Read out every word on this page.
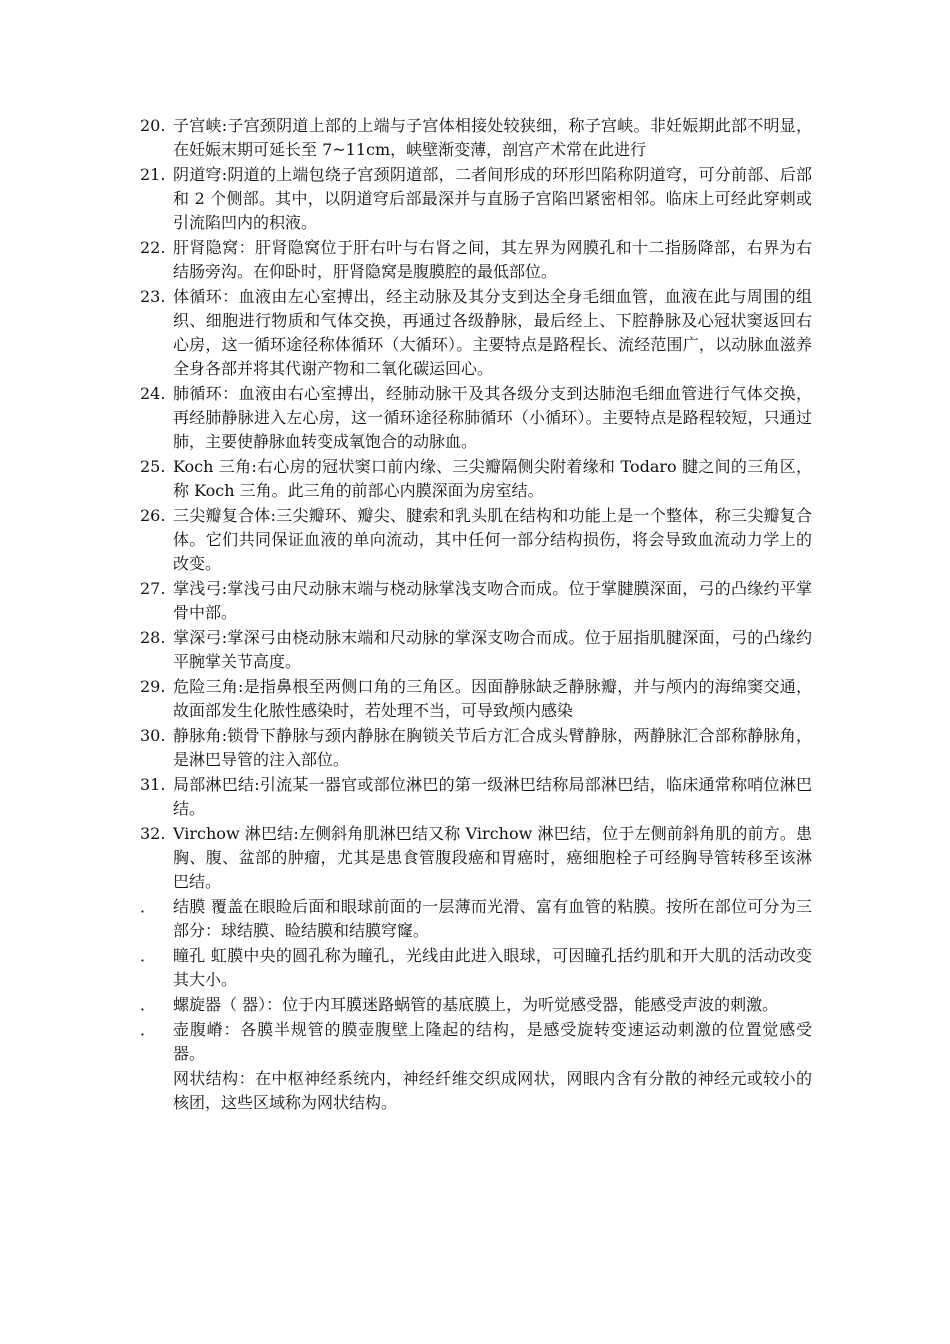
20. 子宫峡:子宫颈阴道上部的上端与子宫体相接处较狭细，称子宫峡。非妊娠期此部不明显，在妊娠末期可延长至 7~11cm，峡壁渐变薄，剖宫产术常在此进行
21. 阴道穹:阴道的上端包绕子宫颈阴道部，二者间形成的环形凹陷称阴道穹，可分前部、后部和 2 个侧部。其中，以阴道穹后部最深并与直肠子宫陷凹紧密相邻。临床上可经此穿刺或引流陷凹内的积液。
22. 肝肾隐窝：肝肾隐窝位于肝右叶与右肾之间，其左界为网膜孔和十二指肠降部，右界为右结肠旁沟。在仰卧时，肝肾隐窝是腹膜腔的最低部位。
23. 体循环：血液由左心室搏出，经主动脉及其分支到达全身毛细血管，血液在此与周围的组织、细胞进行物质和气体交换，再通过各级静脉，最后经上、下腔静脉及心冠状窦返回右心房，这一循环途径称体循环（大循环）。主要特点是路程长、流经范围广，以动脉血滋养全身各部并将其代谢产物和二氧化碳运回心。
24. 肺循环：血液由右心室搏出，经肺动脉干及其各级分支到达肺泡毛细血管进行气体交换，再经肺静脉进入左心房，这一循环途径称肺循环（小循环）。主要特点是路程较短，只通过肺，主要使静脉血转变成氧饱合的动脉血。
25. Koch 三角:右心房的冠状窦口前内缘、三尖瓣隔侧尖附着缘和 Todaro 腱之间的三角区，称 Koch 三角。此三角的前部心内膜深面为房室结。
26. 三尖瓣复合体:三尖瓣环、瓣尖、腱索和乳头肌在结构和功能上是一个整体，称三尖瓣复合体。它们共同保证血液的单向流动，其中任何一部分结构损伤，将会导致血流动力学上的改变。
27. 掌浅弓:掌浅弓由尺动脉末端与桡动脉掌浅支吻合而成。位于掌腱膜深面，弓的凸缘约平掌骨中部。
28. 掌深弓:掌深弓由桡动脉末端和尺动脉的掌深支吻合而成。位于屈指肌腱深面，弓的凸缘约平腕掌关节高度。
29. 危险三角:是指鼻根至两侧口角的三角区。因面静脉缺乏静脉瓣，并与颅内的海绵窦交通，故面部发生化脓性感染时，若处理不当，可导致颅内感染
30. 静脉角:锁骨下静脉与颈内静脉在胸锁关节后方汇合成头臂静脉，两静脉汇合部称静脉角，是淋巴导管的注入部位。
31. 局部淋巴结:引流某一器官或部位淋巴的第一级淋巴结称局部淋巴结，临床通常称哨位淋巴结。
32. Virchow 淋巴结:左侧斜角肌淋巴结又称 Virchow 淋巴结，位于左侧前斜角肌的前方。患胸、腹、盆部的肿瘤，尤其是患食管腹段癌和胃癌时，癌细胞栓子可经胸导管转移至该淋巴结。
．	结膜 覆盖在眼睑后面和眼球前面的一层薄而光滑、富有血管的粘膜。按所在部位可分为三部分：球结膜、睑结膜和结膜穹窿。
．	瞳孔 虹膜中央的圆孔称为瞳孔，光线由此进入眼球，可因瞳孔括约肌和开大肌的活动改变其大小。
．	螺旋器（ 器）：位于内耳膜迷路蜗管的基底膜上，为听觉感受器，能感受声波的刺激。
．	壶腹嵴：各膜半规管的膜壶腹壁上隆起的结构，是感受旋转变速运动刺激的位置觉感受器。
网状结构：在中枢神经系统内，神经纤维交织成网状，网眼内含有分散的神经元或较小的核团，这些区域称为网状结构。
